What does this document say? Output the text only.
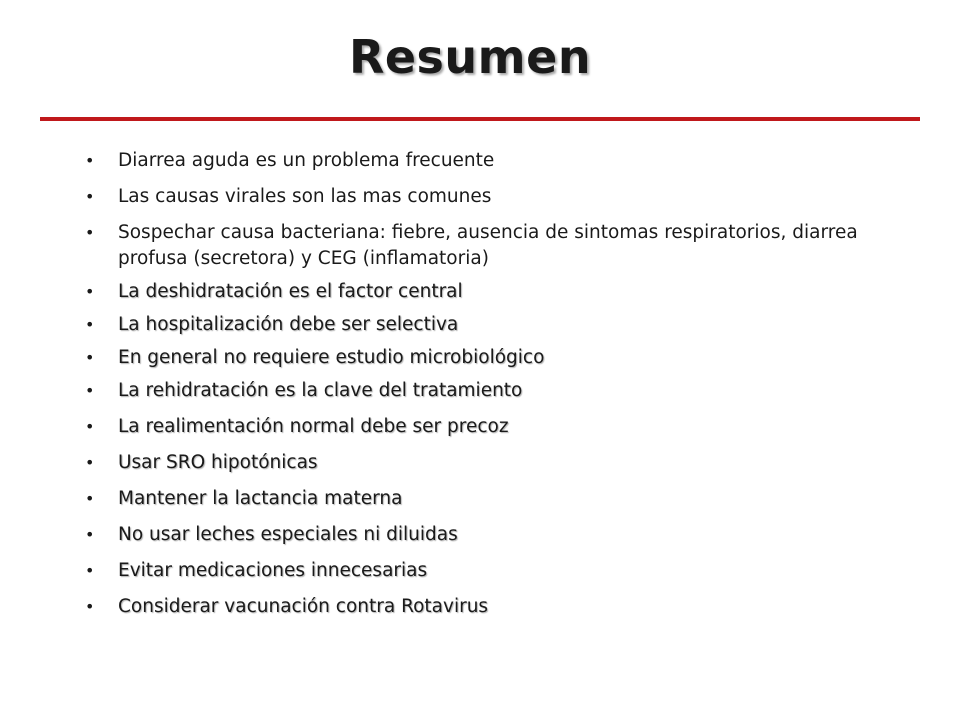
Resumen
• Diarrea aguda es un problema frecuente
• Las causas virales son las mas comunes
• Sospechar causa bacteriana: fiebre, ausencia de sintomas respiratorios, diarrea profusa (secretora) y CEG (inflamatoria)
• La deshidratación es el factor central
• La hospitalización debe ser selectiva
• En general no requiere estudio microbiológico
• La rehidratación es la clave del tratamiento
• La realimentación normal debe ser precoz
• Usar SRO hipotónicas
• Mantener la lactancia materna
• No usar leches especiales ni diluidas
• Evitar medicaciones innecesarias
• Considerar vacunación contra Rotavirus
